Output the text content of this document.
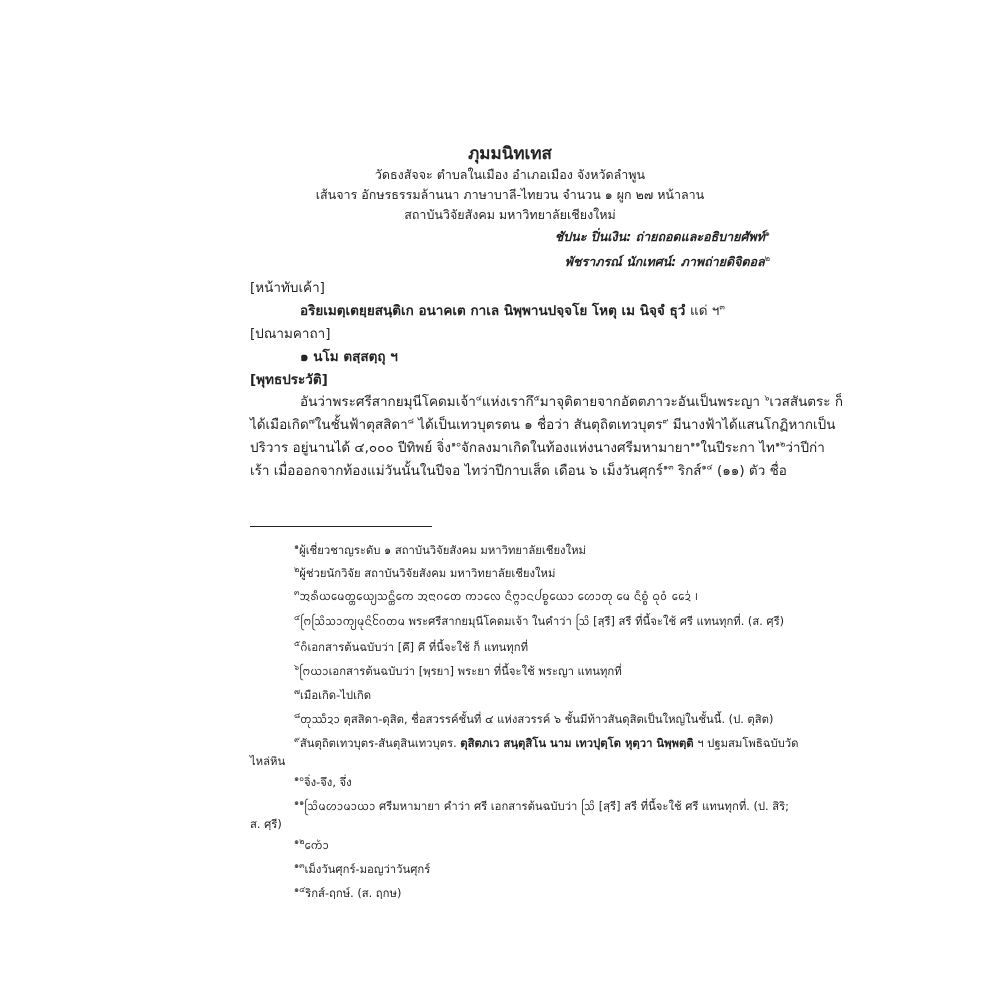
ภุมมนิทเทส
วัดธงสัจจะ ตำบลในเมือง อำเภอเมือง จังหวัดลำพูน
เส้นจาร อักษรธรรมล้านนา ภาษาบาลี-ไทยวน จำนวน ๑ ผูก ๒๗ หน้าลาน
สถาบันวิจัยสังคม มหาวิทยาลัยเชียงใหม่
ชัปนะ ปิ่นเงิน: ถ่ายถอดและอธิบายศัพท์$^๑$
พัชราภรณ์ นักเทศน์: ภาพถ่ายดิจิตอล$^๒$
[หน้าทับเค้า]
อริยเมตฺเตยฺยสนฺติเก อนาคเต กาเล นิพฺพานปจฺจโย โหตุ เม นิจฺจํ ธุวํ แด่ ฯ$^๓$
[ปณามคาถา]
๑ นโม ตสฺสตฺถุ ฯ
[พุทธประวัติ]
อันว่าพระศรีสากยมุนีโคดมเจ้า$^๔$แห่งเรากึ$^๕$มาจุติตายจากอัตตภาวะอันเป็นพระญา $^๖$เวสสันตระ ก็
ได้เมือเกิด$^๗$ในชั้นฟ้าตุสสิดา$^๘$ ได้เป็นเทวบุตรตน ๑ ชื่อว่า สันตุถิตเทวบุตร$^๙$ มีนางฟ้าได้แสนโกฏิหากเป็น
ปริวาร อยู่นานได้ ๔,๐๐๐ ปีทิพย์ จิ่ง$^{๑๐}$จักลงมาเกิดในท้องแห่งนางศรีมหามายา$^{๑๑}$ในปีระกา ไท$^{๑๒}$ว่าปีก่า
เร้า เมื่อออกจากท้องแม่วันนั้นในปีจอ ไทว่าปีกาบเส็ด เดือน ๖ เม็งวันศุกร์$^{๑๓}$ ริกส์$^{๑๔}$ (๑๑) ตัว ชื่อ
$^๑$ผู้เชี่ยวชาญระดับ ๑ สถาบันวิจัยสังคม มหาวิทยาลัยเชียงใหม่
$^๒$ผู้ช่วยนักวิจัย สถาบันวิจัยสังคม มหาวิทยาลัยเชียงใหม่
$^๓$ᩋᩁᩥᨿᨾᩮᨲ᩠ᨲᩮᨿ᩠ᨿᩈᨶ᩠ᨲᩥᨠᩮ ᩋᨶᩣᨣᨲᩮ ᨠᩣᩃᩮ ᨶᩥᨻ᩠ᨻᩣᨶᨸᨧ᩠ᨧᨿᩮᩣ ᩉᩮᩣᨲᩩ ᨾᩮ ᨶᩥᨧ᩠ᨧᩴ ᨵᩩᩅᩴ ᩯᨯ᩵ ᪨
$^๔$ᨻᩕᩈᩕᩦᩈᩣᨠ᩠ᨿᨾᩩᨶᩦᨣᩰᨲᨾ พระศรีสากยมุนีโคดมเจ้า ในคำว่า ᩈᩕᩦ [สฺรี] สรี ที่นี้จะใช้ ศรี แทนทุกที่. (ส. ศฺรี)
$^๕$ᨣᩧเอกสารต้นฉบับว่า [คึ] คึ ที่นี้จะใช้ ก็ แทนทุกที่
$^๖$ᨻᩕᨿᩣเอกสารต้นฉบับว่า [พฺรยา] พระยา ที่นี้จะใช้ พระญา แทนทุกที่
$^๗$เมือเกิด-ไปเกิด
$^๘$ᨲᩩᩔᩥᨯᩣ ตุสสิดา-ดุสิต, ชื่อสวรรค์ชั้นที่ ๔ แห่งสวรรค์ ๖ ชั้นมีท้าวสันดุสิตเป็นใหญ่ในชั้นนี้. (ป. ตุสิต)
$^๙$สันตุถิตเทวบุตร-สันตุสินเทวบุตร. ตุสิตภเว สนฺตุสิโน นาม เทวปุตฺโต หุตฺวา นิพฺพตฺติ ฯ ปฐมสมโพธิฉบับวัด
ไหล่หิน
$^{๑๐}$จิ่ง-จึง, จึ่ง
$^{๑๑}$ᩈᩕᩦᨾᩉᩣᨾᩣᨿᩣ ศรีมหามายา คำว่า ศรี เอกสารต้นฉบับว่า ᩈᩕᩦ [สฺรี] สรี ที่นี้จะใช้ ศรี แทนทุกที่. (ป. สิริ;
ส. ศฺรี)
$^{๑๒}$ᨠᩮᩢ᩵ᩣ
$^{๑๓}$เม็งวันศุกร์-มอญว่าวันศุกร์
$^{๑๔}$ริกส์-ฤกษ์. (ส. ฤกษ)
